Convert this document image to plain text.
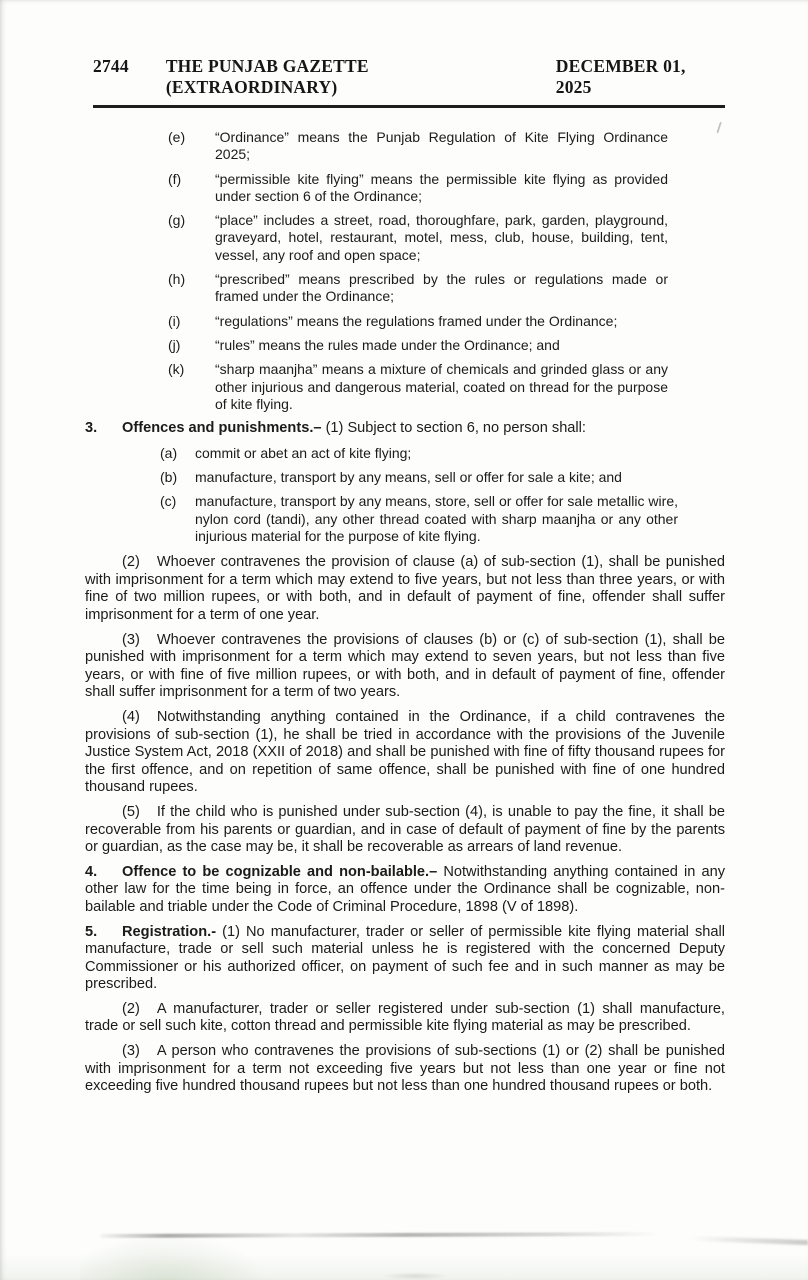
2744 THE PUNJAB GAZETTE (EXTRAORDINARY)
DECEMBER 01, 2025
(e) “Ordinance” means the Punjab Regulation of Kite Flying Ordinance 2025;
(f) “permissible kite flying” means the permissible kite flying as provided under section 6 of the Ordinance;
(g) “place” includes a street, road, thoroughfare, park, garden, playground, graveyard, hotel, restaurant, motel, mess, club, house, building, tent, vessel, any roof and open space;
(h) “prescribed” means prescribed by the rules or regulations made or framed under the Ordinance;
(i) “regulations” means the regulations framed under the Ordinance;
(j) “rules” means the rules made under the Ordinance; and
(k) “sharp maanjha” means a mixture of chemicals and grinded glass or any other injurious and dangerous material, coated on thread for the purpose of kite flying.

3. Offences and punishments.– (1) Subject to section 6, no person shall:

(a) commit or abet an act of kite flying;
(b) manufacture, transport by any means, sell or offer for sale a kite; and
(c) manufacture, transport by any means, store, sell or offer for sale metallic wire, nylon cord (tandi), any other thread coated with sharp maanjha or any other injurious material for the purpose of kite flying.

(2) Whoever contravenes the provision of clause (a) of sub-section (1), shall be punished with imprisonment for a term which may extend to five years, but not less than three years, or with fine of two million rupees, or with both, and in default of payment of fine, offender shall suffer imprisonment for a term of one year.

(3) Whoever contravenes the provisions of clauses (b) or (c) of sub-section (1), shall be punished with imprisonment for a term which may extend to seven years, but not less than five years, or with fine of five million rupees, or with both, and in default of payment of fine, offender shall suffer imprisonment for a term of two years.

(4) Notwithstanding anything contained in the Ordinance, if a child contravenes the provisions of sub-section (1), he shall be tried in accordance with the provisions of the Juvenile Justice System Act, 2018 (XXII of 2018) and shall be punished with fine of fifty thousand rupees for the first offence, and on repetition of same offence, shall be punished with fine of one hundred thousand rupees.

(5) If the child who is punished under sub-section (4), is unable to pay the fine, it shall be recoverable from his parents or guardian, and in case of default of payment of fine by the parents or guardian, as the case may be, it shall be recoverable as arrears of land revenue.

4. Offence to be cognizable and non-bailable.– Notwithstanding anything contained in any other law for the time being in force, an offence under the Ordinance shall be cognizable, non-bailable and triable under the Code of Criminal Procedure, 1898 (V of 1898).

5. Registration.- (1) No manufacturer, trader or seller of permissible kite flying material shall manufacture, trade or sell such material unless he is registered with the concerned Deputy Commissioner or his authorized officer, on payment of such fee and in such manner as may be prescribed.

(2) A manufacturer, trader or seller registered under sub-section (1) shall manufacture, trade or sell such kite, cotton thread and permissible kite flying material as may be prescribed.

(3) A person who contravenes the provisions of sub-sections (1) or (2) shall be punished with imprisonment for a term not exceeding five years but not less than one year or fine not exceeding five hundred thousand rupees but not less than one hundred thousand rupees or both.
